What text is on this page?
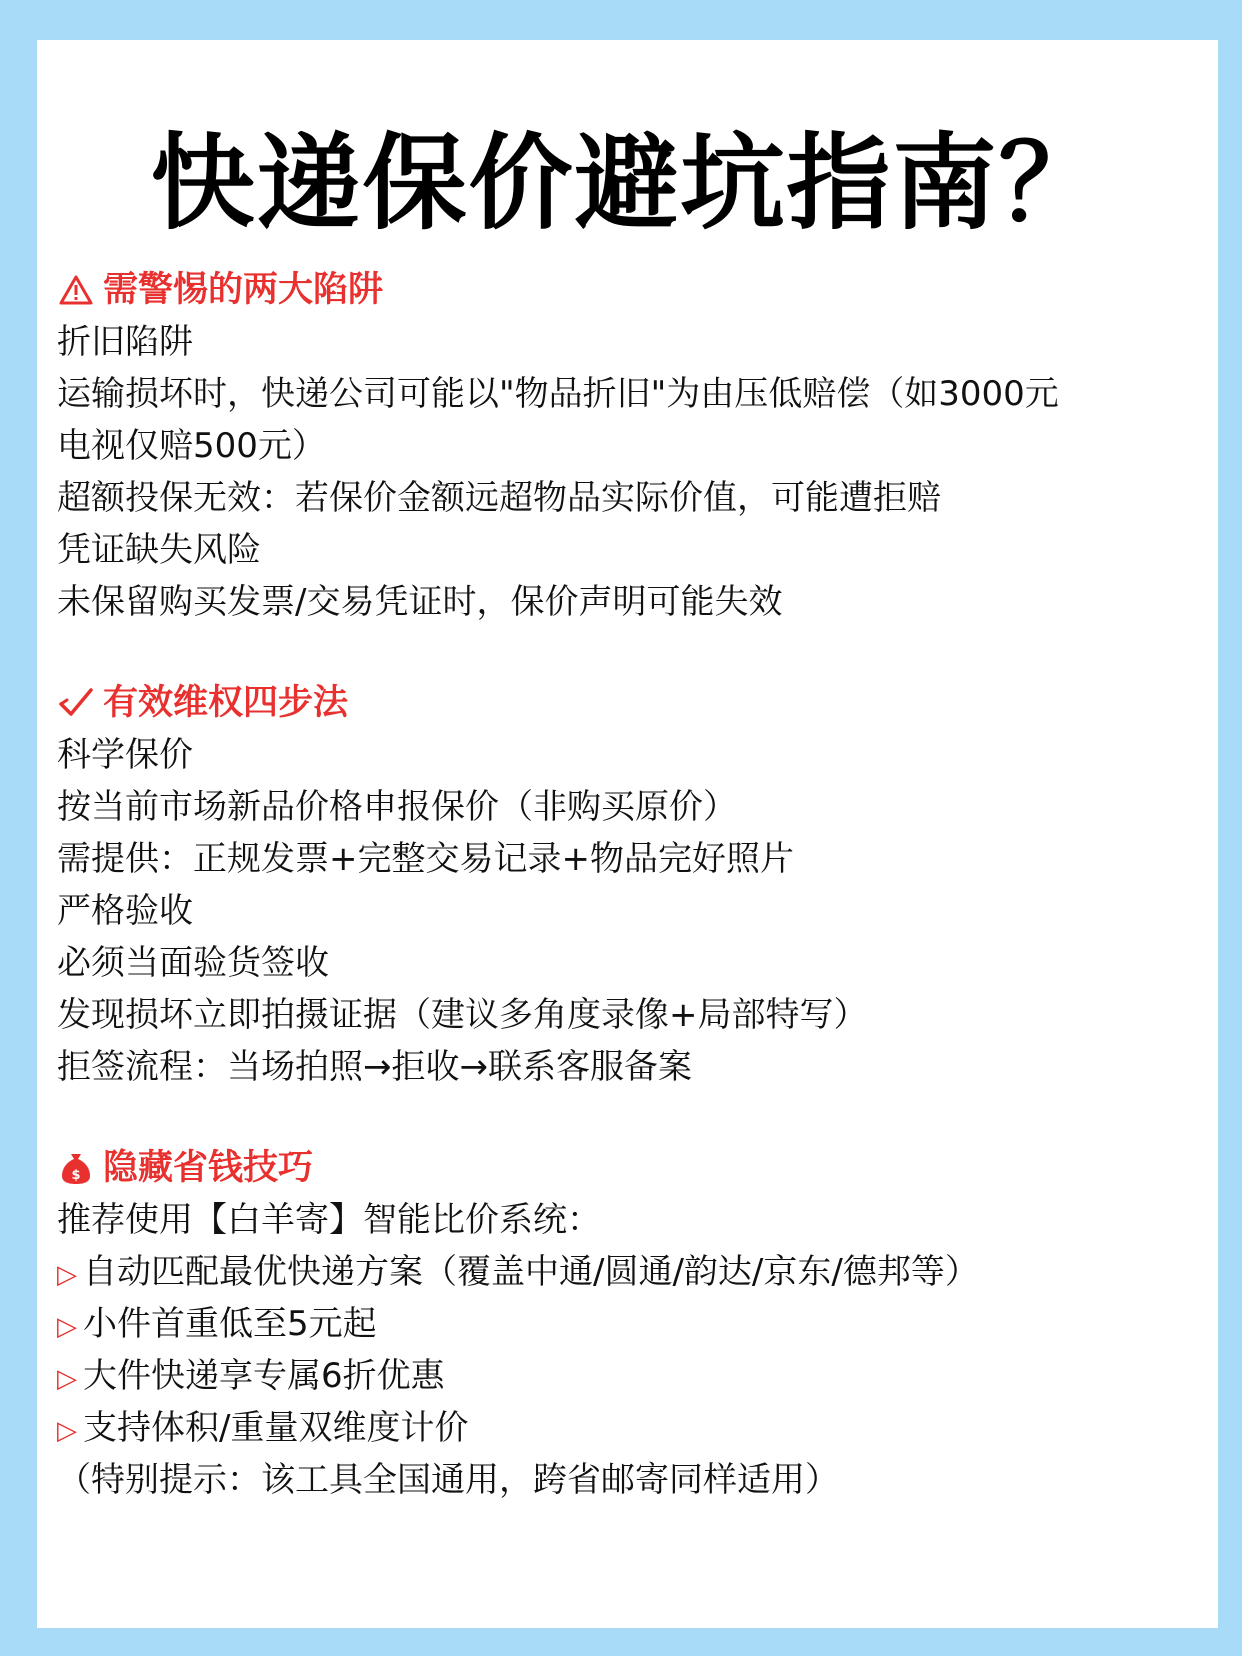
快递保价避坑指南？
需警惕的两大陷阱
折旧陷阱
运输损坏时，快递公司可能以"物品折旧"为由压低赔偿（如3000元
电视仅赔500元）
超额投保无效：若保价金额远超物品实际价值，可能遭拒赔
凭证缺失风险
未保留购买发票/交易凭证时，保价声明可能失效
有效维权四步法
科学保价
按当前市场新品价格申报保价（非购买原价）
需提供：正规发票+完整交易记录+物品完好照片
严格验收
必须当面验货签收
发现损坏立即拍摄证据（建议多角度录像+局部特写）
拒签流程：当场拍照→拒收→联系客服备案
$ 隐藏省钱技巧
推荐使用【白羊寄】智能比价系统：
▷ 自动匹配最优快递方案（覆盖中通/圆通/韵达/京东/德邦等）
▷ 小件首重低至5元起
▷ 大件快递享专属6折优惠
▷ 支持体积/重量双维度计价
（特别提示：该工具全国通用，跨省邮寄同样适用）
